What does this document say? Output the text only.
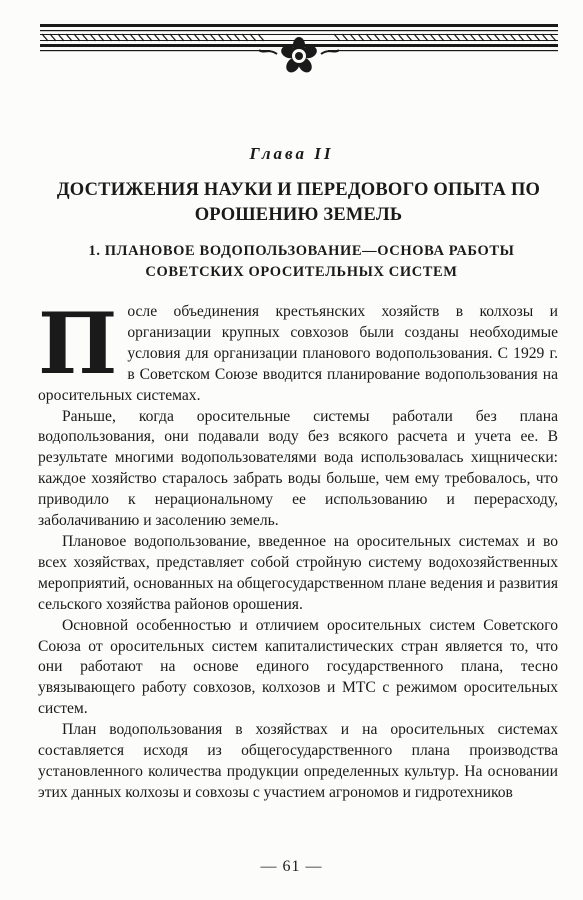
Глава II
ДОСТИЖЕНИЯ НАУКИ И ПЕРЕДОВОГО ОПЫТА ПО ОРОШЕНИЮ ЗЕМЕЛЬ
1. ПЛАНОВОЕ ВОДОПОЛЬЗОВАНИЕ—ОСНОВА РАБОТЫ СОВЕТСКИХ ОРОСИТЕЛЬНЫХ СИСТЕМ

После объединения крестьянских хозяйств в колхозы и организации крупных совхозов были созданы необходимые условия для организации планового водопользования. С 1929 г. в Советском Союзе вводится планирование водопользования на оросительных системах.

Раньше, когда оросительные системы работали без плана водопользования, они подавали воду без всякого расчета и учета ее. В результате многими водопользователями вода использовалась хищнически: каждое хозяйство старалось забрать воды больше, чем ему требовалось, что приводило к нерациональному ее использованию и перерасходу, заболачиванию и засолению земель.

Плановое водопользование, введенное на оросительных системах и во всех хозяйствах, представляет собой стройную систему водохозяйственных мероприятий, основанных на общегосударственном плане ведения и развития сельского хозяйства районов орошения.

Основной особенностью и отличием оросительных систем Советского Союза от оросительных систем капиталистических стран является то, что они работают на основе единого государственного плана, тесно увязывающего работу совхозов, колхозов и МТС с режимом оросительных систем.

План водопользования в хозяйствах и на оросительных системах составляется исходя из общегосударственного плана производства установленного количества продукции определенных культур. На основании этих данных колхозы и совхозы с участием агрономов и гидротехников

— 61 —
